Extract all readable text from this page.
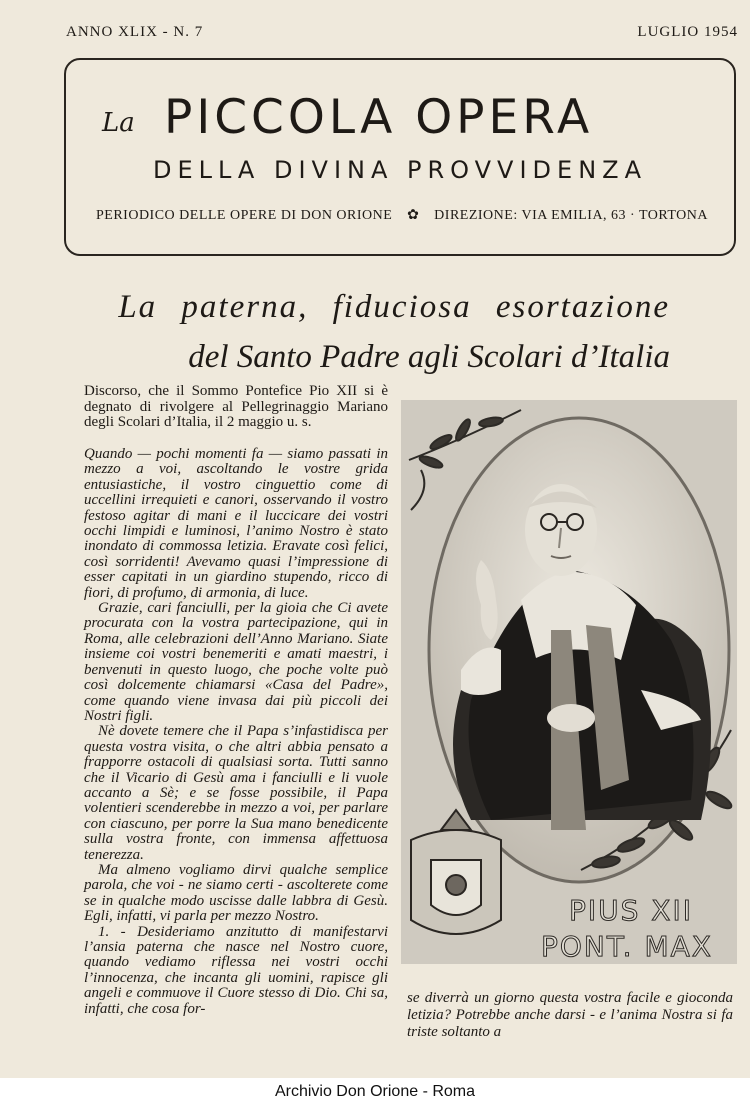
ANNO XLIX - N. 7	LUGLIO 1954
La PICCOLA OPERA
DELLA DIVINA PROVVIDENZA
PERIODICO DELLE OPERE DI DON ORIONE ✿ DIREZIONE: VIA EMILIA, 63 · TORTONA
La paterna, fiduciosa esortazione
del Santo Padre agli Scolari d’Italia
Discorso, che il Sommo Pontefice Pio XII si è degnato di rivolgere al Pellegrinaggio Mariano degli Scolari d’Italia, il 2 maggio u. s.

Quando — pochi momenti fa — siamo passati in mezzo a voi, ascoltando le vostre grida entusiastiche, il vostro cinguettio come di uccellini irrequieti e canori, osservando il vostro festoso agitar di mani e il luccicare dei vostri occhi limpidi e luminosi, l’animo Nostro è stato inondato di commossa letizia. Eravate così felici, così sorridenti! Avevamo quasi l’impressione di esser capitati in un giardino stupendo, ricco di fiori, di profumo, di armonia, di luce.

Grazie, cari fanciulli, per la gioia che Ci avete procurata con la vostra partecipazione, qui in Roma, alle celebrazioni dell’Anno Mariano. Siate insieme coi vostri benemeriti e amati maestri, i benvenuti in questo luogo, che poche volte può così dolcemente chiamarsi «Casa del Padre», come quando viene invasa dai più piccoli dei Nostri figli.

Nè dovete temere che il Papa s’infastidisca per questa vostra visita, o che altri abbia pensato a frapporre ostacoli di qualsiasi sorta. Tutti sanno che il Vicario di Gesù ama i fanciulli e li vuole accanto a Sè; e se fosse possibile, il Papa volentieri scenderebbe in mezzo a voi, per parlare con ciascuno, per porre la Sua mano benedicente sulla vostra fronte, con immensa affettuosa tenerezza.

Ma almeno vogliamo dirvi qualche semplice parola, che voi - ne siamo certi - ascolterete come se in qualche modo uscisse dalle labbra di Gesù. Egli, infatti, vi parla per mezzo Nostro.

1. - Desideriamo anzitutto di manifestarvi l’ansia paterna che nasce nel Nostro cuore, quando vediamo riflessa nei vostri occhi l’innocenza, che incanta gli uomini, rapisce gli angeli e commuove il Cuore stesso di Dio. Chi sa, infatti, che cosa for-

PIUS XII
PONT. MAX

se diverrà un giorno questa vostra facile e gioconda letizia? Potrebbe anche darsi - e l’anima Nostra si fa triste soltanto a

Archivio Don Orione - Roma
